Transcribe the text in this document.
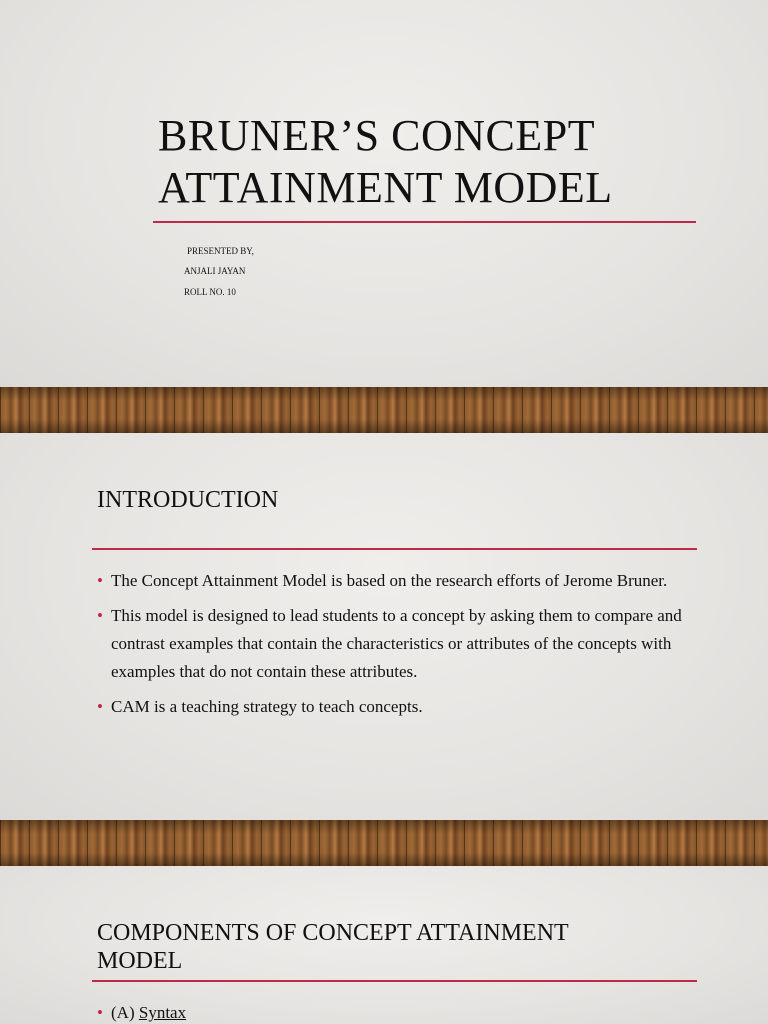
BRUNER’S CONCEPT
ATTAINMENT MODEL
PRESENTED BY,
ANJALI JAYAN
ROLL NO. 10
INTRODUCTION
• The Concept Attainment Model is based on the research efforts of Jerome Bruner.
• This model is designed to lead students to a concept by asking them to compare and contrast examples that contain the characteristics or attributes of the concepts with examples that do not contain these attributes.
• CAM is a teaching strategy to teach concepts.
COMPONENTS OF CONCEPT ATTAINMENT
MODEL
• (A) Syntax
